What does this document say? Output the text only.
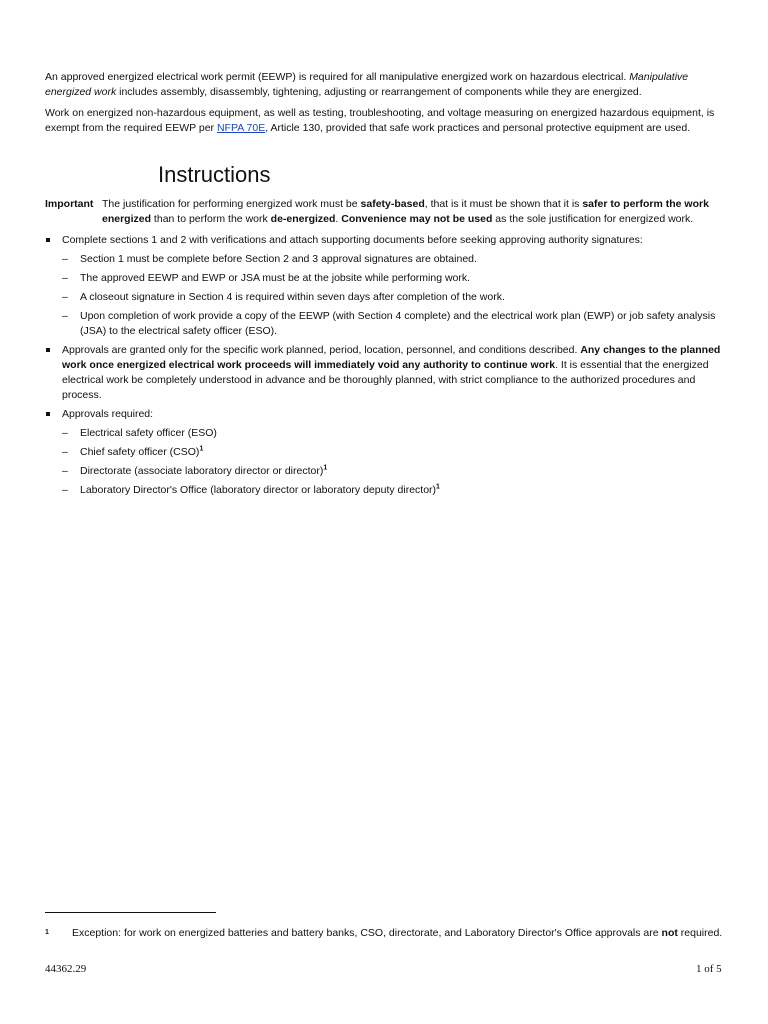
An approved energized electrical work permit (EEWP) is required for all manipulative energized work on hazardous electrical. Manipulative energized work includes assembly, disassembly, tightening, adjusting or rearrangement of components while they are energized.

Work on energized non-hazardous equipment, as well as testing, troubleshooting, and voltage measuring on energized hazardous equipment, is exempt from the required EEWP per NFPA 70E, Article 130, provided that safe work practices and personal protective equipment are used.

Instructions
Important The justification for performing energized work must be safety-based, that is it must be shown that it is safer to perform the work energized than to perform the work de-energized. Convenience may not be used as the sole justification for energized work.
Complete sections 1 and 2 with verifications and attach supporting documents before seeking approving authority signatures:
– Section 1 must be complete before Section 2 and 3 approval signatures are obtained.
– The approved EEWP and EWP or JSA must be at the jobsite while performing work.
– A closeout signature in Section 4 is required within seven days after completion of the work.
– Upon completion of work provide a copy of the EEWP (with Section 4 complete) and the electrical work plan (EWP) or job safety analysis (JSA) to the electrical safety officer (ESO).
Approvals are granted only for the specific work planned, period, location, personnel, and conditions described. Any changes to the planned work once energized electrical work proceeds will immediately void any authority to continue work. It is essential that the energized electrical work be completely understood in advance and be thoroughly planned, with strict compliance to the authorized procedures and process.
Approvals required:
– Electrical safety officer (ESO)
– Chief safety officer (CSO)$^1$
– Directorate (associate laboratory director or director)$^1$
– Laboratory Director's Office (laboratory director or laboratory deputy director)$^1$
1 Exception: for work on energized batteries and battery banks, CSO, directorate, and Laboratory Director's Office approvals are not required.
44362.29	1 of 5
